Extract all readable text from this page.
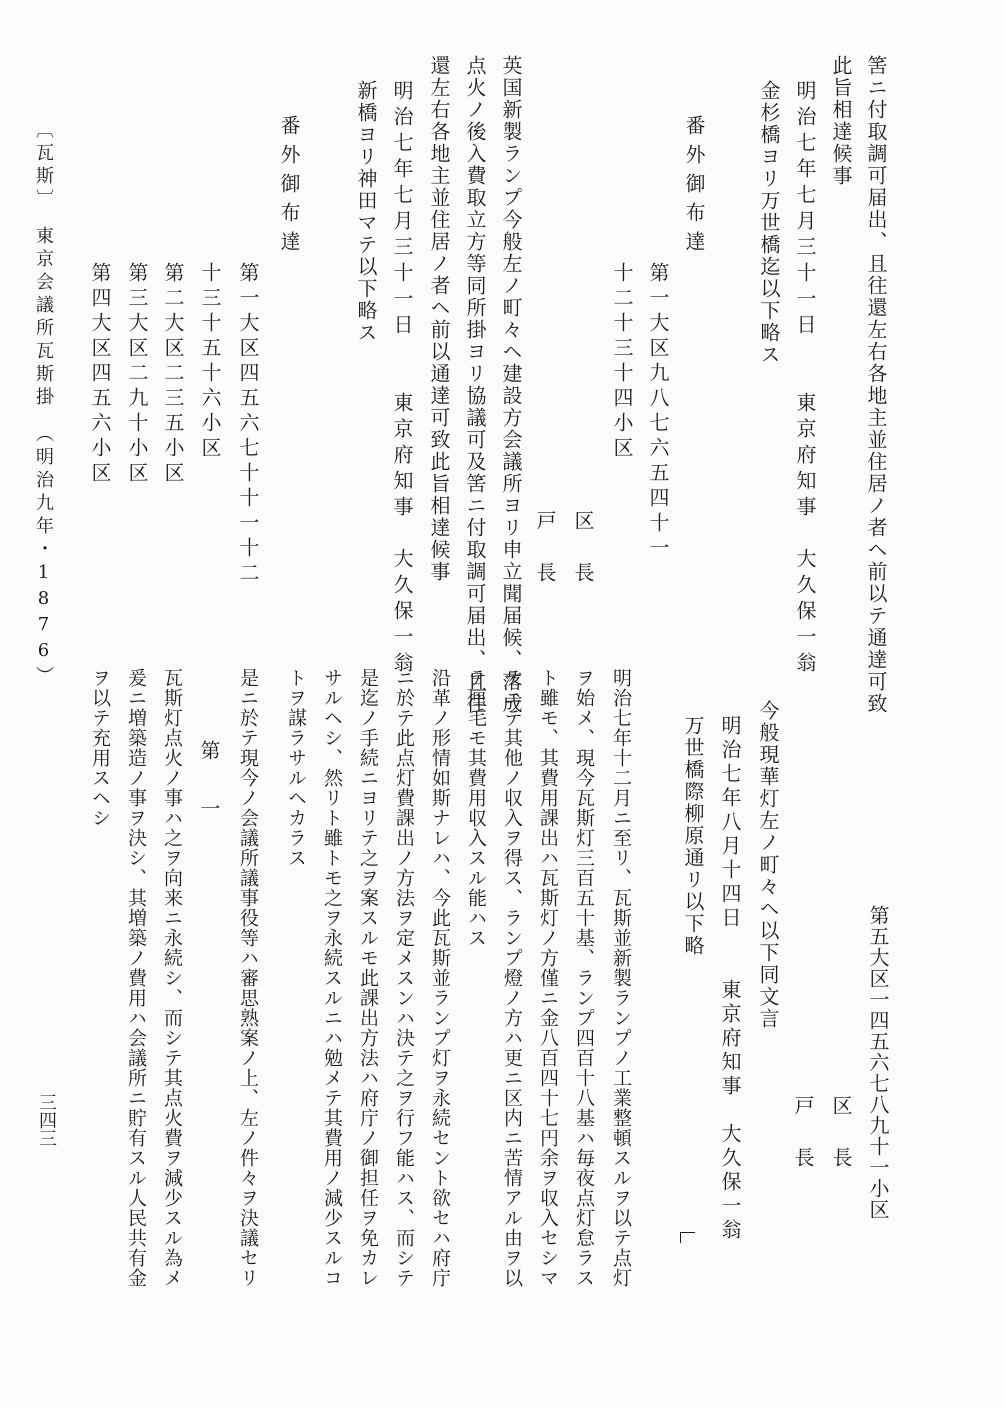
筈ニ付取調可届出、且往還左右各地主並住居ノ者ヘ前以テ通達可致
此旨相達候事
明治七年七月三十一日　　東京府知事　大久保一翁
金杉橋ヨリ万世橋迄以下略ス
番外御布達
第一大区九八七六五四十一
十二十三十四小区
区　長
戸　長
英国新製ランプ今般左ノ町々ヘ建設方会議所ヨリ申立聞届候、落成
点火ノ後入費取立方等同所掛ヨリ協議可及筈ニ付取調可届出、且往
還左右各地主並住居ノ者ヘ前以通達可致此旨相達候事
明治七年七月三十一日　　東京府知事　大久保一翁
新橋ヨリ神田マテ以下略ス
番外御布達
第一大区四五六七十十一十二
十三十五十六小区
第二大区二三五小区
第三大区二九十小区
第四大区四五六小区
〔瓦斯〕　東京会議所瓦斯掛　（明治九年・1876）
第五大区一四五六七八九十一小区
区　長
戸　長
今般現華灯左ノ町々ヘ以下同文言
明治七年八月十四日　　東京府知事　大久保一翁
万世橋際柳原通リ以下略
明治七年十二月ニ至リ、瓦斯並新製ランプノ工業整頓スルヲ以テ点灯
ヲ始メ、現今瓦斯灯三百五十基、ランプ四百十八基ハ毎夜点灯怠ラス
ト雖モ、其費用課出ハ瓦斯灯ノ方僅ニ金八百四十七円余ヲ収入セシマ
テニテ其他ノ収入ヲ得ス、ランプ燈ノ方ハ更ニ区内ニ苦情アル由ヲ以
テ厘毛モ其費用収入スル能ハス
沿革ノ形情如斯ナレハ、今此瓦斯並ランプ灯ヲ永続セント欲セハ府庁
ニ於テ此点灯費課出ノ方法ヲ定メスンハ決テ之ヲ行フ能ハス、而シテ
是迄ノ手続ニヨリテ之ヲ案スルモ此課出方法ハ府庁ノ御担任ヲ免カレ
サルヘシ、然リト雖トモ之ヲ永続スルニハ勉メテ其費用ノ減少スルコ
トヲ謀ラサルヘカラス
是ニ於テ現今ノ会議所議事役等ハ審思熟案ノ上、左ノ件々ヲ決議セリ
第　一
瓦斯灯点火ノ事ハ之ヲ向来ニ永続シ、而シテ其点火費ヲ減少スル為メ
爰ニ増築造ノ事ヲ決シ、其増築ノ費用ハ会議所ニ貯有スル人民共有金
ヲ以テ充用スヘシ
三四三
